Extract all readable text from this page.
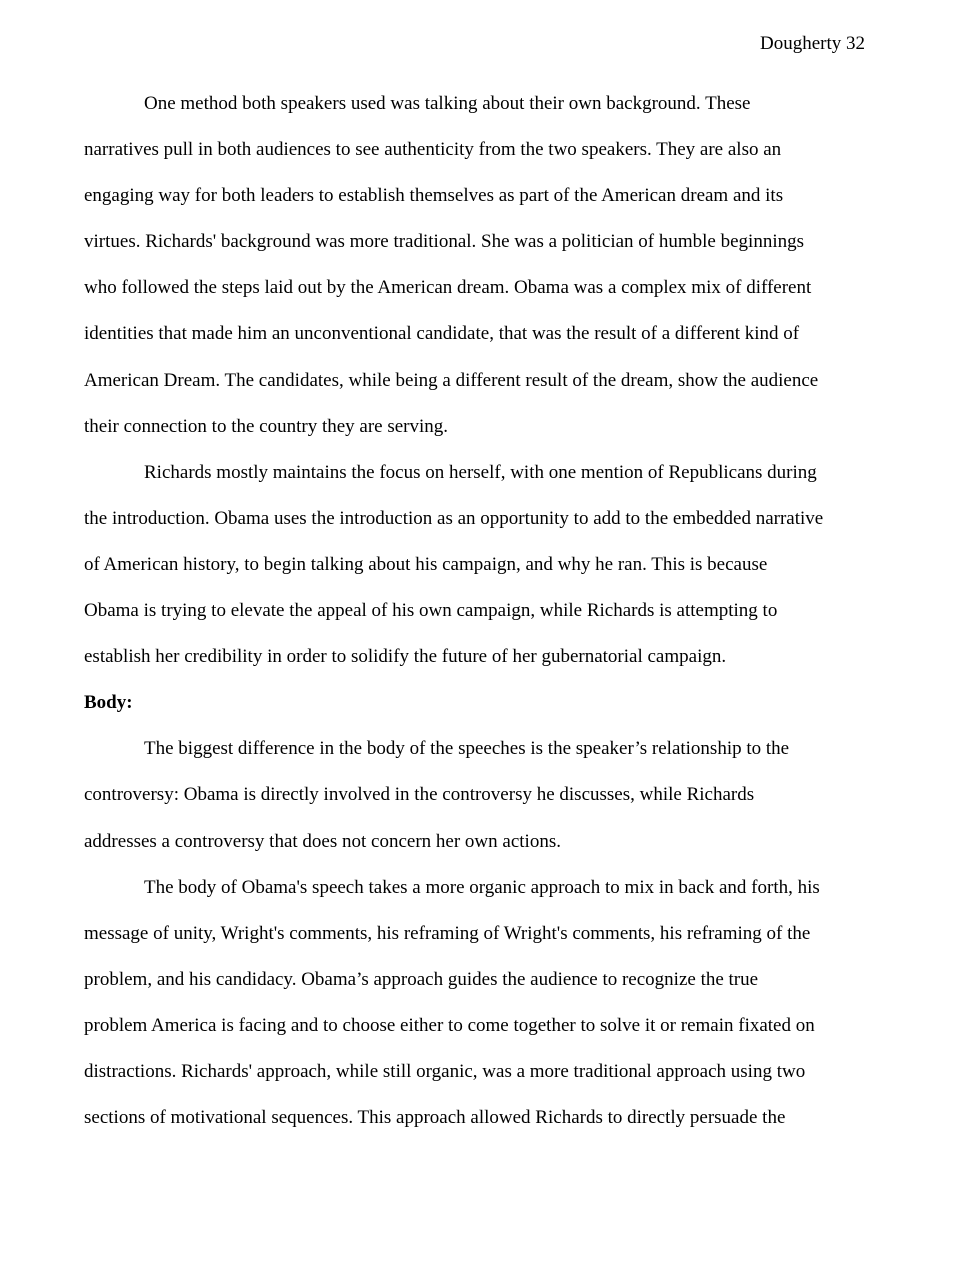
Dougherty 32
One method both speakers used was talking about their own background. These
narratives pull in both audiences to see authenticity from the two speakers. They are also an
engaging way for both leaders to establish themselves as part of the American dream and its
virtues. Richards' background was more traditional. She was a politician of humble beginnings
who followed the steps laid out by the American dream. Obama was a complex mix of different
identities that made him an unconventional candidate, that was the result of a different kind of
American Dream. The candidates, while being a different result of the dream, show the audience
their connection to the country they are serving.
Richards mostly maintains the focus on herself, with one mention of Republicans during
the introduction. Obama uses the introduction as an opportunity to add to the embedded narrative
of American history, to begin talking about his campaign, and why he ran. This is because
Obama is trying to elevate the appeal of his own campaign, while Richards is attempting to
establish her credibility in order to solidify the future of her gubernatorial campaign.
Body:
The biggest difference in the body of the speeches is the speaker’s relationship to the
controversy: Obama is directly involved in the controversy he discusses, while Richards
addresses a controversy that does not concern her own actions.
The body of Obama's speech takes a more organic approach to mix in back and forth, his
message of unity, Wright's comments, his reframing of Wright's comments, his reframing of the
problem, and his candidacy. Obama’s approach guides the audience to recognize the true
problem America is facing and to choose either to come together to solve it or remain fixated on
distractions. Richards' approach, while still organic, was a more traditional approach using two
sections of motivational sequences. This approach allowed Richards to directly persuade the
